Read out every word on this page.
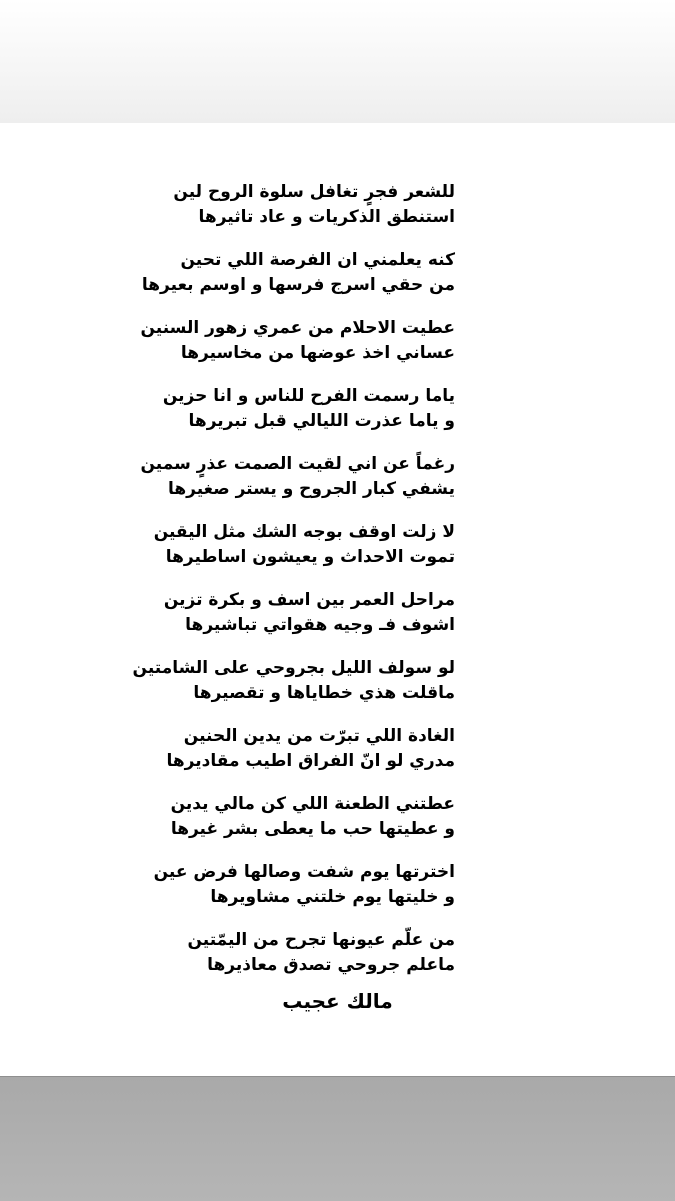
للشعر فجرٍ تغافل سلوة الروح لين
استنطق الذكريات و عاد تاثيرها
كنه يعلمني ان الفرصة اللي تحين
من حقي اسرج فرسها و اوسم بعيرها
عطيت الاحلام من عمري زهور السنين
عساني اخذ عوضها من مخاسيرها
ياما رسمت الفرح للناس و انا حزين
و ياما عذرت الليالي قبل تبريرها
رغماً عن اني لقيت الصمت عذرٍ سمين
يشفي كبار الجروح و يستر صغيرها
لا زلت اوقف بوجه الشك مثل اليقين
تموت الاحداث و يعيشون اساطيرها
مراحل العمر بين اسف و بكرة تزين
اشوف فـ وجيه هقواتي تباشيرها
لو سولف الليل بجروحي على الشامتين
ماقلت هذي خطاياها و تقصيرها
الغادة اللي تبرّت من يدين الحنين
مدري لو انّ الفراق اطيب مقاديرها
عطتني الطعنة اللي كن مالي يدين
و عطيتها حب ما يعطى بشر غيرها
اخترتها يوم شفت وصالها فرض عين
و خليتها يوم خلتني مشاويرها
من علّم عيونها تجرح من اليمّتين
ماعلم جروحي تصدق معاذيرها
مالك عجيب
